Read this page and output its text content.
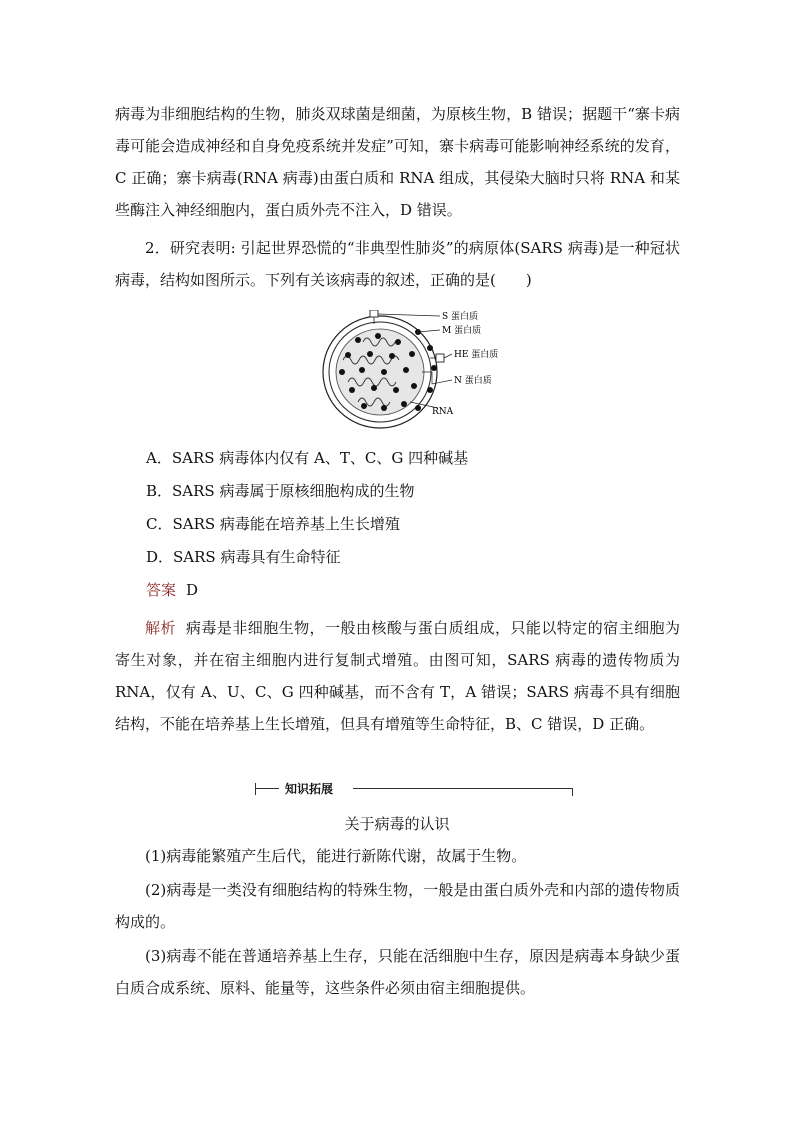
病毒为非细胞结构的生物，肺炎双球菌是细菌，为原核生物，B 错误；据题干“寨卡病毒可能会造成神经和自身免疫系统并发症”可知，寨卡病毒可能影响神经系统的发育，C 正确；寨卡病毒(RNA 病毒)由蛋白质和 RNA 组成，其侵染大脑时只将 RNA 和某些酶注入神经细胞内，蛋白质外壳不注入，D 错误。

2．研究表明: 引起世界恐慌的“非典型性肺炎”的病原体(SARS 病毒)是一种冠状病毒，结构如图所示。下列有关该病毒的叙述，正确的是(　　)

S 蛋白质
M 蛋白质
HE 蛋白质
N 蛋白质
RNA

A．SARS 病毒体内仅有 A、T、C、G 四种碱基

B．SARS 病毒属于原核细胞构成的生物

C．SARS 病毒能在培养基上生长增殖

D．SARS 病毒具有生命特征

答案 D

解析 病毒是非细胞生物，一般由核酸与蛋白质组成，只能以特定的宿主细胞为寄生对象，并在宿主细胞内进行复制式增殖。由图可知，SARS 病毒的遗传物质为 RNA，仅有 A、U、C、G 四种碱基，而不含有 T，A 错误；SARS 病毒不具有细胞结构，不能在培养基上生长增殖，但具有增殖等生命特征，B、C 错误，D 正确。

知识拓展

关于病毒的认识

(1)病毒能繁殖产生后代，能进行新陈代谢，故属于生物。

(2)病毒是一类没有细胞结构的特殊生物，一般是由蛋白质外壳和内部的遗传物质构成的。

(3)病毒不能在普通培养基上生存，只能在活细胞中生存，原因是病毒本身缺少蛋白质合成系统、原料、能量等，这些条件必须由宿主细胞提供。
